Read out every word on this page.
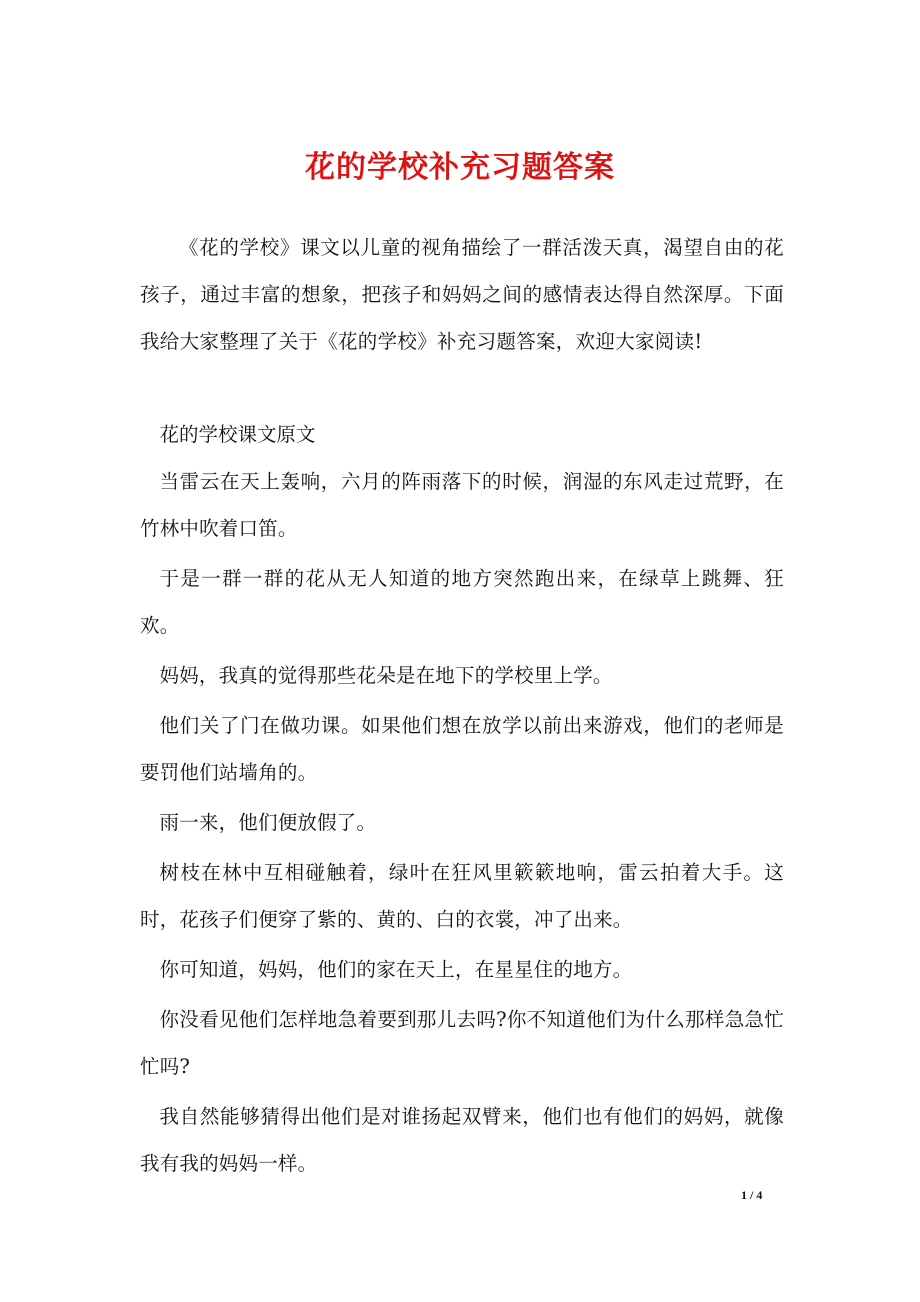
花的学校补充习题答案

《花的学校》课文以儿童的视角描绘了一群活泼天真，渴望自由的花孩子，通过丰富的想象，把孩子和妈妈之间的感情表达得自然深厚。下面我给大家整理了关于《花的学校》补充习题答案，欢迎大家阅读!

花的学校课文原文

当雷云在天上轰响，六月的阵雨落下的时候，润湿的东风走过荒野，在竹林中吹着口笛。

于是一群一群的花从无人知道的地方突然跑出来，在绿草上跳舞、狂欢。

妈妈，我真的觉得那些花朵是在地下的学校里上学。

他们关了门在做功课。如果他们想在放学以前出来游戏，他们的老师是要罚他们站墙角的。

雨一来，他们便放假了。

树枝在林中互相碰触着，绿叶在狂风里簌簌地响，雷云拍着大手。这时，花孩子们便穿了紫的、黄的、白的衣裳，冲了出来。

你可知道，妈妈，他们的家在天上，在星星住的地方。

你没看见他们怎样地急着要到那儿去吗?你不知道他们为什么那样急急忙忙吗?

我自然能够猜得出他们是对谁扬起双臂来，他们也有他们的妈妈，就像我有我的妈妈一样。

1 / 4
